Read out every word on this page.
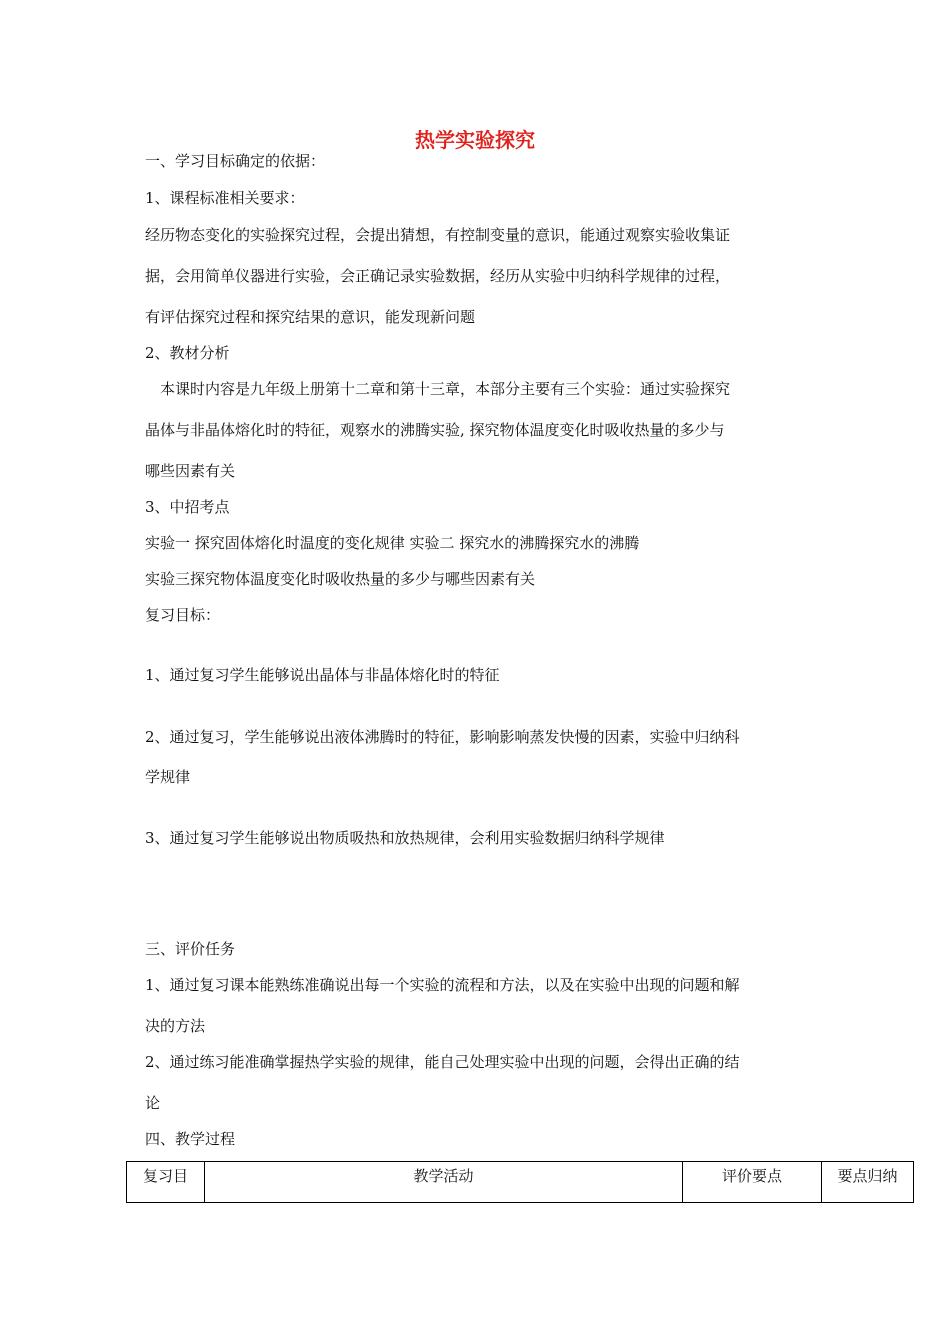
热学实验探究
一、学习目标确定的依据：
1、课程标准相关要求：
经历物态变化的实验探究过程，会提出猜想，有控制变量的意识，能通过观察实验收集证
据，会用简单仪器进行实验，会正确记录实验数据，经历从实验中归纳科学规律的过程，
有评估探究过程和探究结果的意识，能发现新问题
2、教材分析
本课时内容是九年级上册第十二章和第十三章，本部分主要有三个实验：通过实验探究
晶体与非晶体熔化时的特征，观察水的沸腾实验, 探究物体温度变化时吸收热量的多少与
哪些因素有关
3、中招考点
实验一 探究固体熔化时温度的变化规律 实验二 探究水的沸腾探究水的沸腾
实验三探究物体温度变化时吸收热量的多少与哪些因素有关
复习目标：
1、通过复习学生能够说出晶体与非晶体熔化时的特征
2、通过复习，学生能够说出液体沸腾时的特征，影响影响蒸发快慢的因素，实验中归纳科
学规律
3、通过复习学生能够说出物质吸热和放热规律，会利用实验数据归纳科学规律
三、评价任务
1、通过复习课本能熟练准确说出每一个实验的流程和方法，以及在实验中出现的问题和解
决的方法
2、通过练习能准确掌握热学实验的规律，能自己处理实验中出现的问题，会得出正确的结
论
四、教学过程
复习目	教学活动	评价要点	要点归纳
